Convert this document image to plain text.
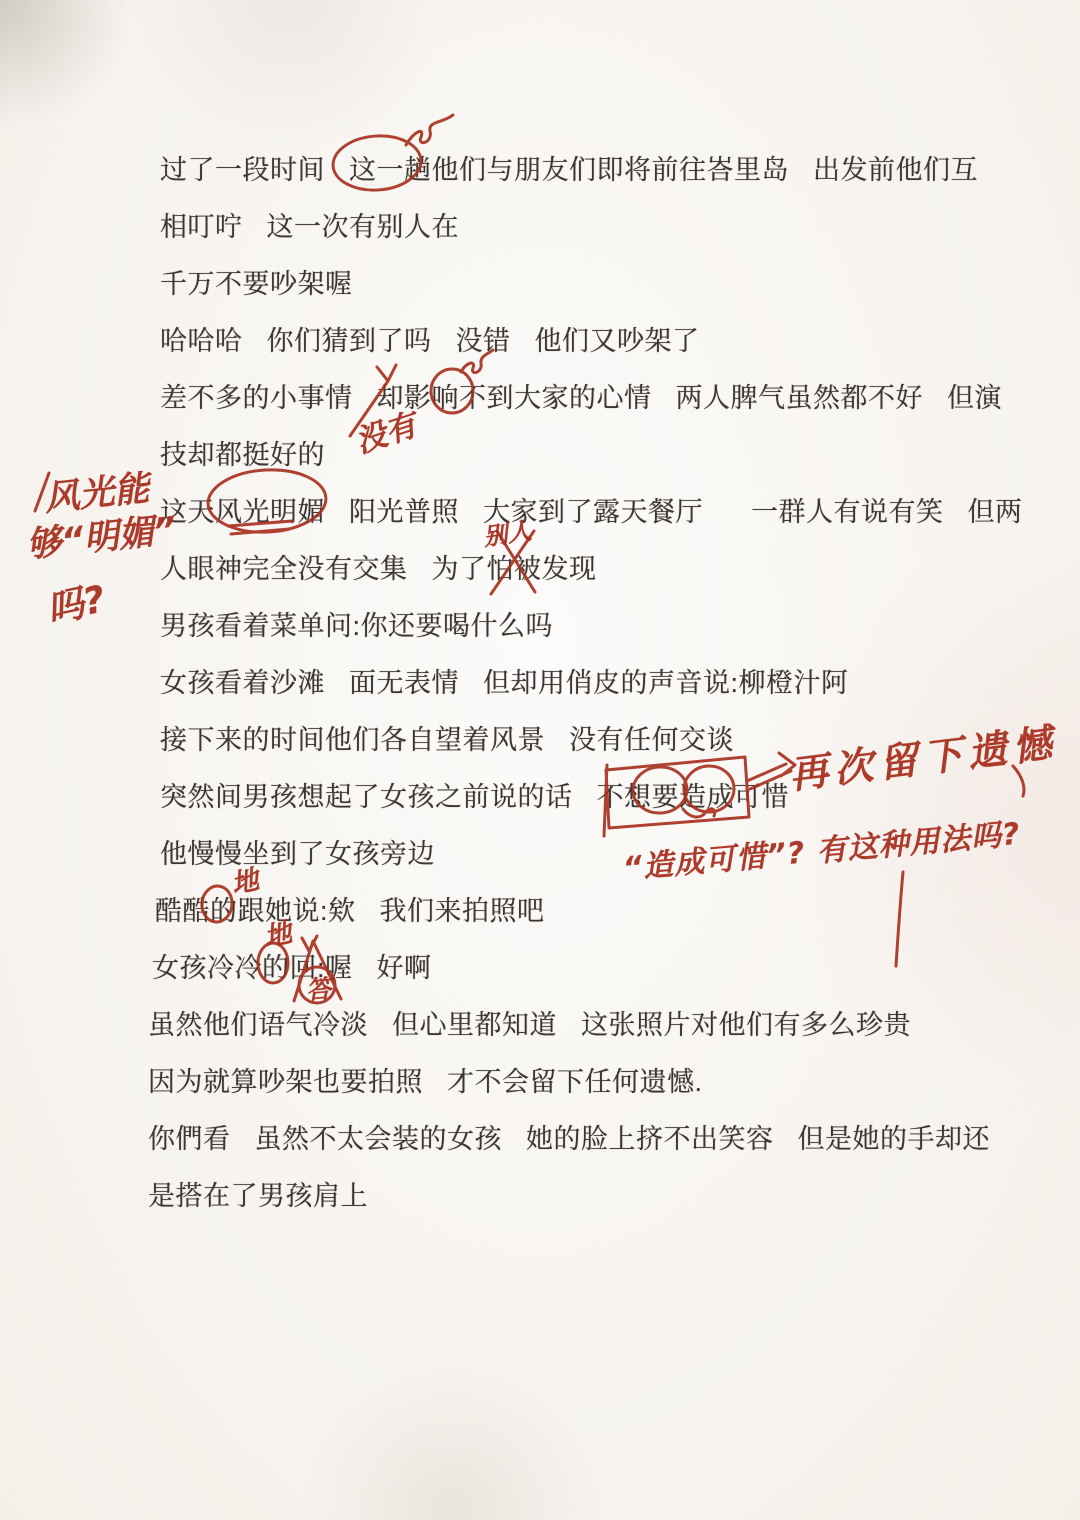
过了一段时间 这一趟他们与朋友们即将前往峇里岛 出发前他们互
相叮咛 这一次有别人在
千万不要吵架喔
哈哈哈 你们猜到了吗 没错 他们又吵架了
差不多的小事情 却影响不到大家的心情 两人脾气虽然都不好 但演
技却都挺好的
这天风光明媚 阳光普照 大家到了露天餐厅  一群人有说有笑 但两
人眼神完全没有交集 为了怕被发现
男孩看着菜单问:你还要喝什么吗
女孩看着沙滩 面无表情 但却用俏皮的声音说:柳橙汁阿
接下来的时间他们各自望着风景 没有任何交谈
突然间男孩想起了女孩之前说的话 不想要造成可惜
他慢慢坐到了女孩旁边
酷酷的跟她说:欸 我们来拍照吧
女孩冷冷的回:喔 好啊
虽然他们语气冷淡 但心里都知道 这张照片对他们有多么珍贵
因为就算吵架也要拍照 才不会留下任何遗憾.
你們看 虽然不太会装的女孩 她的脸上挤不出笑容 但是她的手却还
是搭在了男孩肩上
风光能
够“明媚”
吗?
没有
别人
再次留下遗憾
“造成可惜”? 有这种用法吗?
地
地
答
